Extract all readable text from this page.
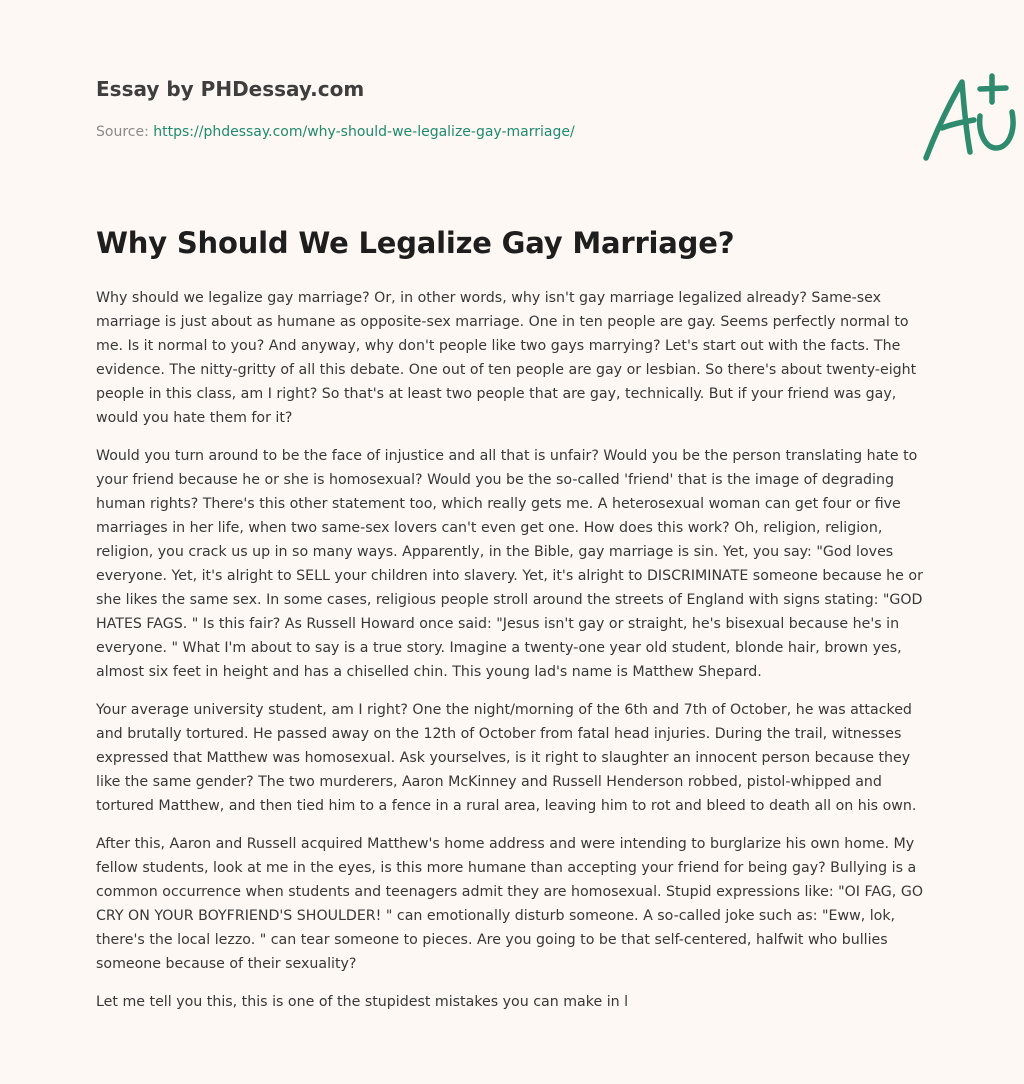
Essay by PHDessay.com
Source: https://phdessay.com/why-should-we-legalize-gay-marriage/
Why Should We Legalize Gay Marriage?

Why should we legalize gay marriage? Or, in other words, why isn't gay marriage legalized already? Same-sex marriage is just about as humane as opposite-sex marriage. One in ten people are gay. Seems perfectly normal to me. Is it normal to you? And anyway, why don't people like two gays marrying? Let's start out with the facts. The evidence. The nitty-gritty of all this debate. One out of ten people are gay or lesbian. So there's about twenty-eight people in this class, am I right? So that's at least two people that are gay, technically. But if your friend was gay, would you hate them for it?

Would you turn around to be the face of injustice and all that is unfair? Would you be the person translating hate to your friend because he or she is homosexual? Would you be the so-called 'friend' that is the image of degrading human rights? There's this other statement too, which really gets me. A heterosexual woman can get four or five marriages in her life, when two same-sex lovers can't even get one. How does this work? Oh, religion, religion, religion, you crack us up in so many ways. Apparently, in the Bible, gay marriage is sin. Yet, you say: "God loves everyone. Yet, it's alright to SELL your children into slavery. Yet, it's alright to DISCRIMINATE someone because he or she likes the same sex. In some cases, religious people stroll around the streets of England with signs stating: "GOD HATES FAGS. " Is this fair? As Russell Howard once said: "Jesus isn't gay or straight, he's bisexual because he's in everyone. " What I'm about to say is a true story. Imagine a twenty-one year old student, blonde hair, brown yes, almost six feet in height and has a chiselled chin. This young lad's name is Matthew Shepard.

Your average university student, am I right? One the night/morning of the 6th and 7th of October, he was attacked and brutally tortured. He passed away on the 12th of October from fatal head injuries. During the trail, witnesses expressed that Matthew was homosexual. Ask yourselves, is it right to slaughter an innocent person because they like the same gender? The two murderers, Aaron McKinney and Russell Henderson robbed, pistol-whipped and tortured Matthew, and then tied him to a fence in a rural area, leaving him to rot and bleed to death all on his own.

After this, Aaron and Russell acquired Matthew's home address and were intending to burglarize his own home. My fellow students, look at me in the eyes, is this more humane than accepting your friend for being gay? Bullying is a common occurrence when students and teenagers admit they are homosexual. Stupid expressions like: "OI FAG, GO CRY ON YOUR BOYFRIEND'S SHOULDER! " can emotionally disturb someone. A so-called joke such as: "Eww, lok, there's the local lezzo. " can tear someone to pieces. Are you going to be that self-centered, halfwit who bullies someone because of their sexuality?

Let me tell you this, this is one of the stupidest mistakes you can make in l
